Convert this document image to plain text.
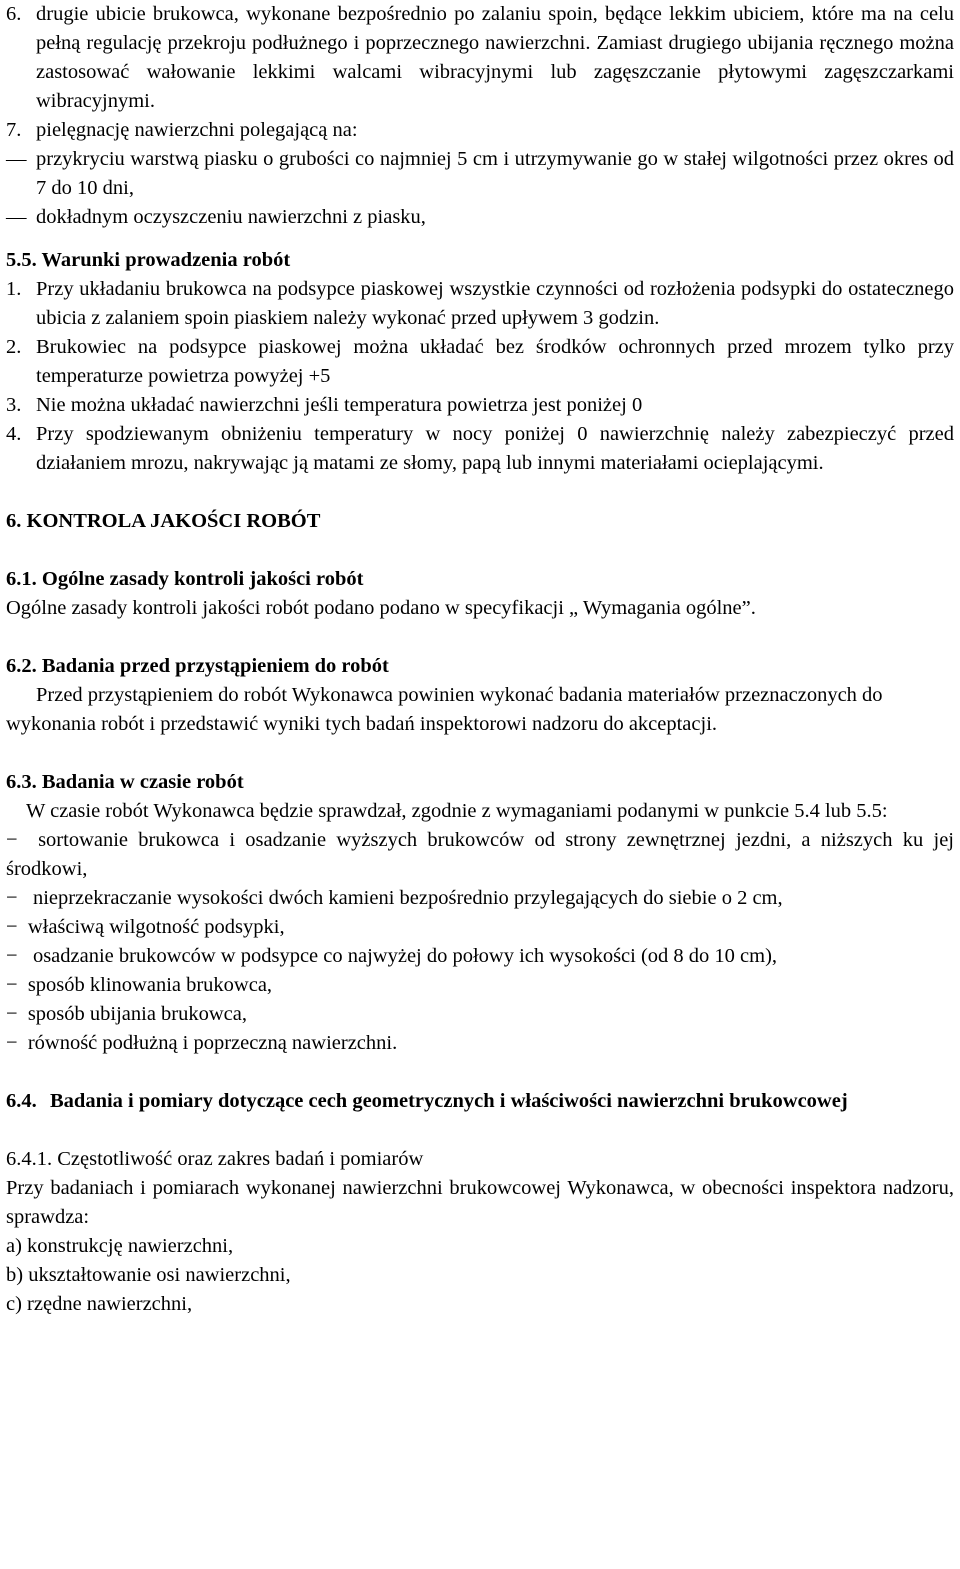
6. drugie ubicie brukowca, wykonane bezpośrednio po zalaniu spoin, będące lekkim ubiciem, które ma na celu pełną regulację przekroju podłużnego i poprzecznego nawierzchni. Zamiast drugiego ubijania ręcznego można zastosować wałowanie lekkimi walcami wibracyjnymi lub zagęszczanie płytowymi zagęszczarkami wibracyjnymi.
7. pielęgnację nawierzchni polegającą na:
— przykryciu warstwą piasku o grubości co najmniej 5 cm i utrzymywanie go w stałej wilgotności przez okres od 7 do 10 dni,
— dokładnym oczyszczeniu nawierzchni z piasku,

5.5. Warunki prowadzenia robót

1. Przy układaniu brukowca na podsypce piaskowej wszystkie czynności od rozłożenia podsypki do ostatecznego ubicia z zalaniem spoin piaskiem należy wykonać przed upływem 3 godzin.
2. Brukowiec na podsypce piaskowej można układać bez środków ochronnych przed mrozem tylko przy temperaturze powietrza powyżej +5
3. Nie można układać nawierzchni jeśli temperatura powietrza jest poniżej 0
4. Przy spodziewanym obniżeniu temperatury w nocy poniżej 0 nawierzchnię należy zabezpieczyć przed działaniem mrozu, nakrywając ją matami ze słomy, papą lub innymi materiałami ocieplającymi.

6. KONTROLA JAKOŚCI ROBÓT

6.1. Ogólne zasady kontroli jakości robót

Ogólne zasady kontroli jakości robót podano podano w specyfikacji „ Wymagania ogólne”.

6.2. Badania przed przystąpieniem do robót

Przed przystąpieniem do robót Wykonawca powinien wykonać badania materiałów przeznaczonych do

wykonania robót i przedstawić wyniki tych badań inspektorowi nadzoru do akceptacji.

6.3. Badania w czasie robót

W czasie robót Wykonawca będzie sprawdzał, zgodnie z wymaganiami podanymi w punkcie 5.4 lub 5.5:

− sortowanie brukowca i osadzanie wyższych brukowców od strony zewnętrznej jezdni, a niższych ku jej środkowi,

− nieprzekraczanie wysokości dwóch kamieni bezpośrednio przylegających do siebie o 2 cm,

− właściwą wilgotność podsypki,

− osadzanie brukowców w podsypce co najwyżej do połowy ich wysokości (od 8 do 10 cm),

− sposób klinowania brukowca,

− sposób ubijania brukowca,

− równość podłużną i poprzeczną nawierzchni.

6.4. Badania i pomiary dotyczące cech geometrycznych i właściwości nawierzchni brukowcowej

6.4.1. Częstotliwość oraz zakres badań i pomiarów

Przy badaniach i pomiarach wykonanej nawierzchni brukowcowej Wykonawca, w obecności inspektora nadzoru, sprawdza:

a) konstrukcję nawierzchni,

b) ukształtowanie osi nawierzchni,

c) rzędne nawierzchni,
